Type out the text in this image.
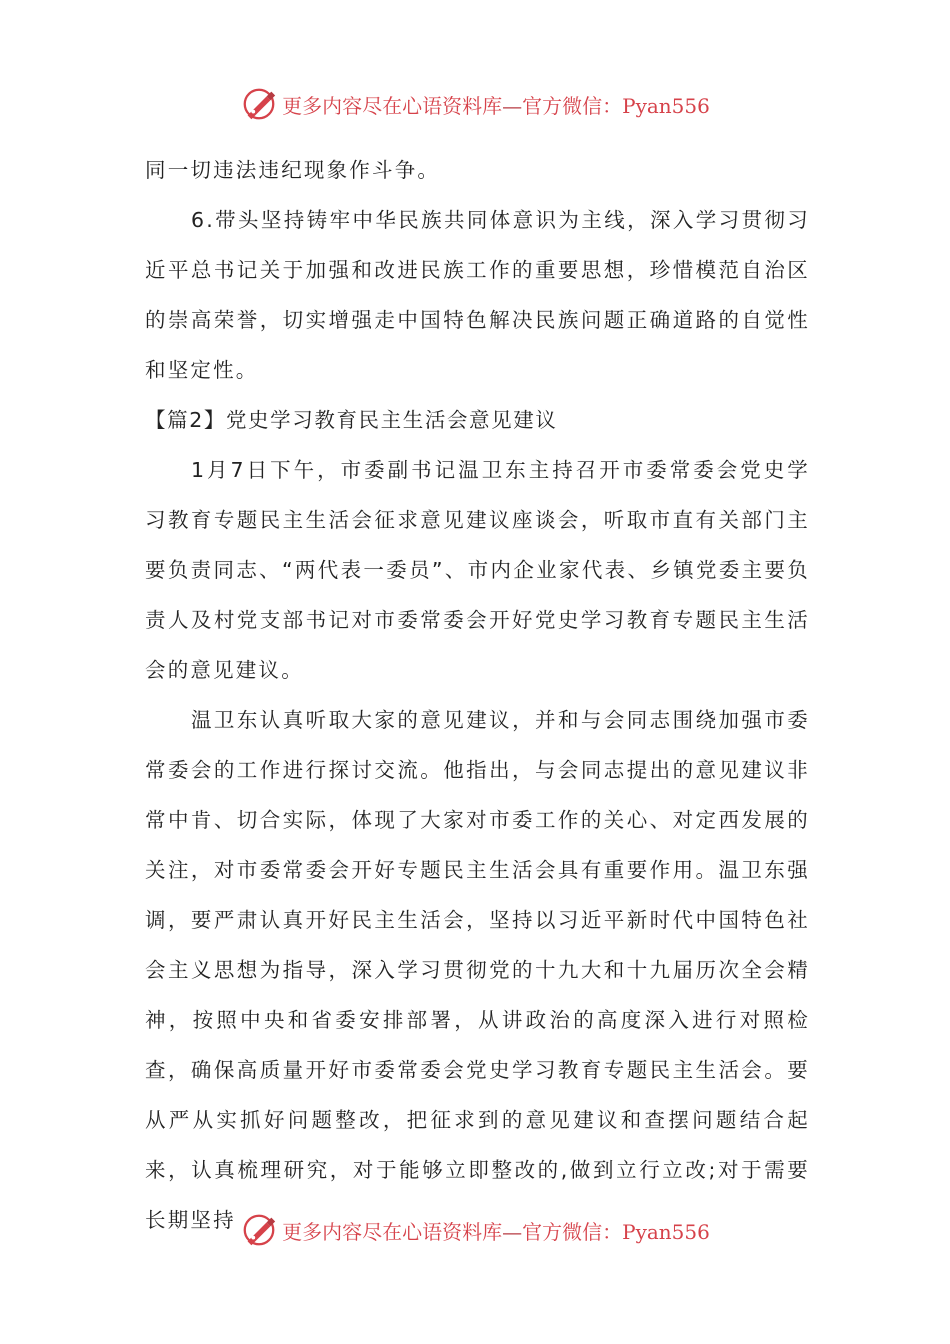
更多内容尽在心语资料库—官方微信：Pyan556

同一切违法违纪现象作斗争。

6.带头坚持铸牢中华民族共同体意识为主线，深入学习贯彻习近平总书记关于加强和改进民族工作的重要思想，珍惜模范自治区的崇高荣誉，切实增强走中国特色解决民族问题正确道路的自觉性和坚定性。

【篇2】党史学习教育民主生活会意见建议

1月7日下午，市委副书记温卫东主持召开市委常委会党史学习教育专题民主生活会征求意见建议座谈会，听取市直有关部门主要负责同志、“两代表一委员”、市内企业家代表、乡镇党委主要负责人及村党支部书记对市委常委会开好党史学习教育专题民主生活会的意见建议。

温卫东认真听取大家的意见建议，并和与会同志围绕加强市委常委会的工作进行探讨交流。他指出，与会同志提出的意见建议非常中肯、切合实际，体现了大家对市委工作的关心、对定西发展的关注，对市委常委会开好专题民主生活会具有重要作用。温卫东强调，要严肃认真开好民主生活会，坚持以习近平新时代中国特色社会主义思想为指导，深入学习贯彻党的十九大和十九届历次全会精神，按照中央和省委安排部署，从讲政治的高度深入进行对照检查，确保高质量开好市委常委会党史学习教育专题民主生活会。要从严从实抓好问题整改，把征求到的意见建议和查摆问题结合起来，认真梳理研究，对于能够立即整改的,做到立行立改;对于需要长期坚持	更多内容尽在心语资料库—官方微信：Pyan556
